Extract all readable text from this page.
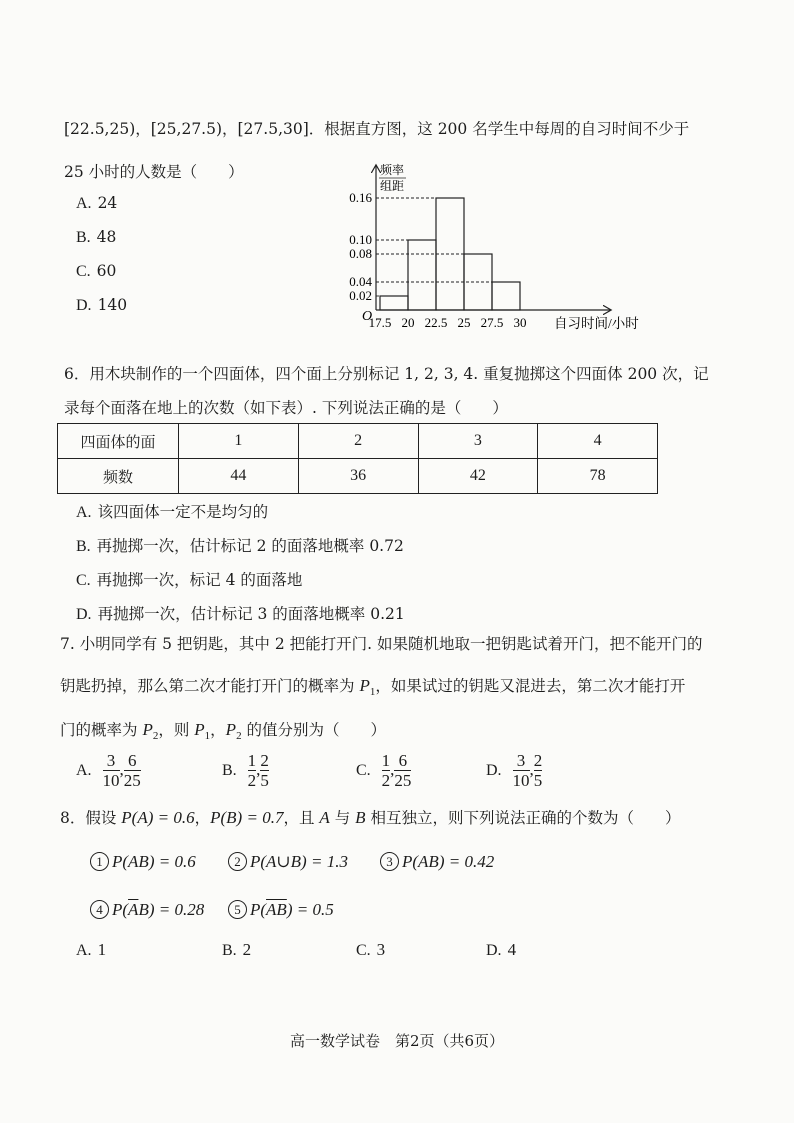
[22.5,25)，[25,27.5)，[27.5,30]．根据直方图，这 200 名学生中每周的自习时间不少于
25 小时的人数是（　　）
A. 24
B. 48
C. 60
D. 140
O
频率
组距
0.02
0.04
0.08
0.10
0.16
17.5 20 22.5 25 27.5 30 自习时间/小时
6．用木块制作的一个四面体，四个面上分别标记 1, 2, 3, 4. 重复抛掷这个四面体 200 次，记
录每个面落在地上的次数（如下表）. 下列说法正确的是（　　）
四面体的面	1	2	3	4
频数	44	36	42	78
A. 该四面体一定不是均匀的
B. 再抛掷一次，估计标记 2 的面落地概率 0.72
C. 再抛掷一次，标记 4 的面落地
D. 再抛掷一次，估计标记 3 的面落地概率 0.21
7. 小明同学有 5 把钥匙，其中 2 把能打开门. 如果随机地取一把钥匙试着开门，把不能开门的
钥匙扔掉，那么第二次才能打开门的概率为 $P_1$，如果试过的钥匙又混进去，第二次才能打开
门的概率为 $P_2$，则 $P_1$，$P_2$ 的值分别为（　　）
A. $\frac{3}{10}$ , $\frac{6}{25}$	B. $\frac{1}{2}$ , $\frac{2}{5}$	C. $\frac{1}{2}$ , $\frac{6}{25}$	D. $\frac{3}{10}$ , $\frac{2}{5}$
8．假设 P(A) = 0.6，P(B) = 0.7，且 A 与 B 相互独立，则下列说法正确的个数为（　　）
1 P(AB) = 0.6	2 P(A∪B) = 1.3	3 P(AB) = 0.42
4 $P(\overline{A}B) = 0.28$	5 $P(\overline{AB}) = 0.5$
A. 1	B. 2	C. 3	D. 4
高一数学试卷　第2页（共6页）
